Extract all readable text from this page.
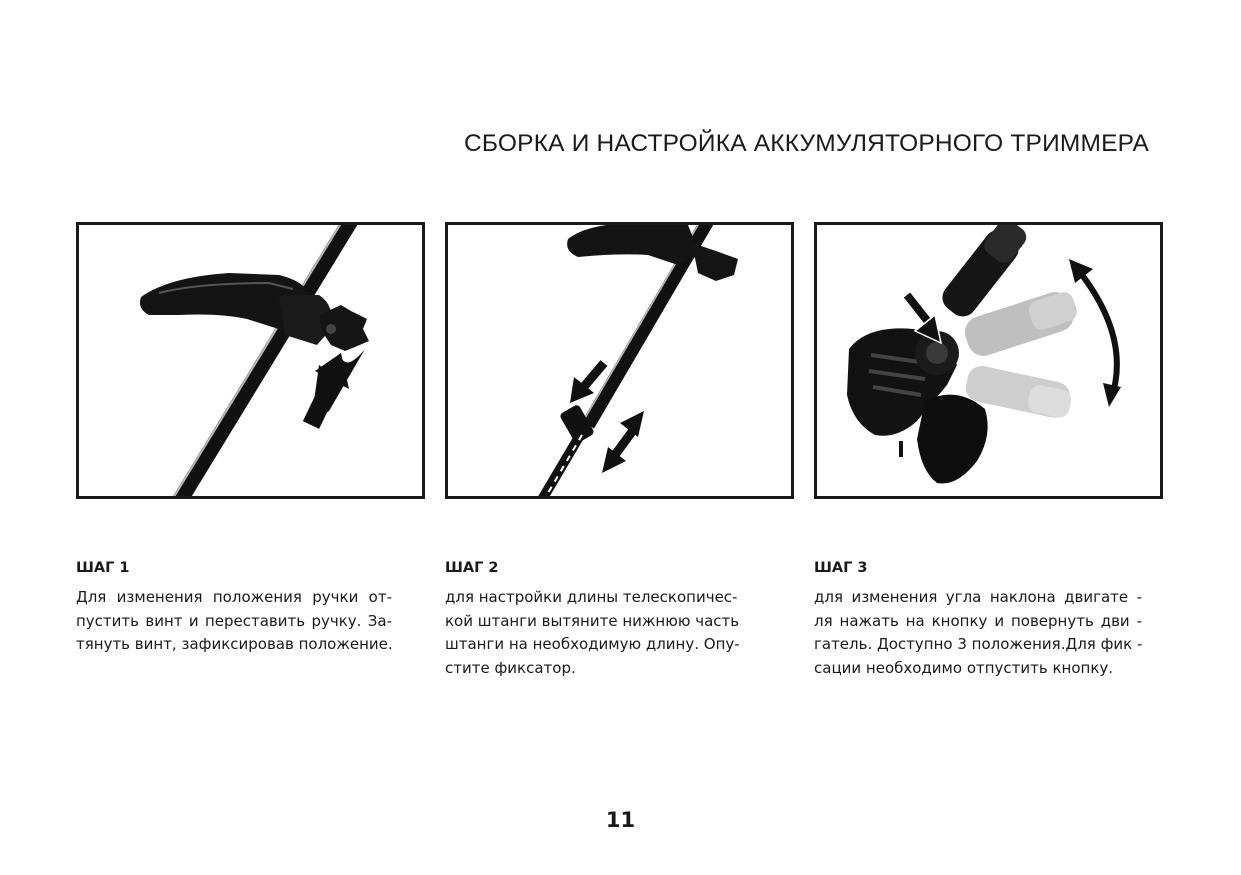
СБОРКА И НАСТРОЙКА АККУМУЛЯТОРНОГО ТРИММЕРА
ШАГ 1
Для изменения положения ручки от-
пустить винт и переставить ручку. За-
тянуть винт, зафиксировав положение.
ШАГ 2
для настройки длины телескопичес-
кой штанги вытяните нижнюю часть
штанги на необходимую длину. Опу-
стите фиксатор.
ШАГ 3
для изменения угла наклона двигате -
ля нажать на кнопку и повернуть дви -
гатель. Доступно 3 положения.Для фик -
сации необходимо отпустить кнопку.
11
